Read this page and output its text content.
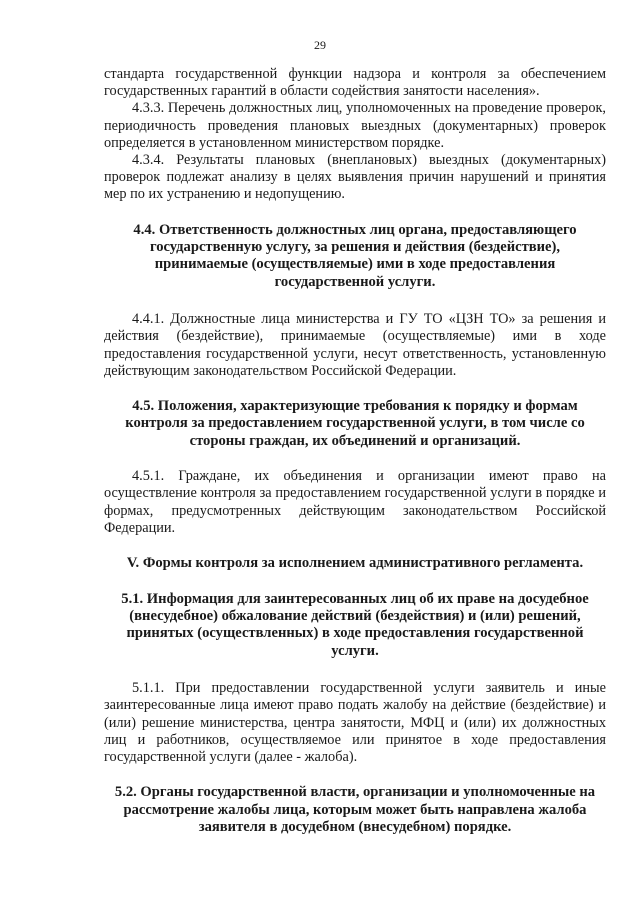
29

стандарта государственной функции надзора и контроля за обеспечением государственных гарантий в области содействия занятости населения».

4.3.3. Перечень должностных лиц, уполномоченных на проведение проверок, периодичность проведения плановых выездных (документарных) проверок определяется в установленном министерством порядке.

4.3.4. Результаты плановых (внеплановых) выездных (документарных) проверок подлежат анализу в целях выявления причин нарушений и принятия мер по их устранению и недопущению.

4.4. Ответственность должностных лиц органа, предоставляющего государственную услугу, за решения и действия (бездействие), принимаемые (осуществляемые) ими в ходе предоставления государственной услуги.

4.4.1. Должностные лица министерства и ГУ ТО «ЦЗН ТО» за решения и действия (бездействие), принимаемые (осуществляемые) ими в ходе предоставления государственной услуги, несут ответственность, установленную действующим законодательством Российской Федерации.

4.5. Положения, характеризующие требования к порядку и формам контроля за предоставлением государственной услуги, в том числе со стороны граждан, их объединений и организаций.

4.5.1. Граждане, их объединения и организации имеют право на осуществление контроля за предоставлением государственной услуги в порядке и формах, предусмотренных действующим законодательством Российской Федерации.

V. Формы контроля за исполнением административного регламента.
5.1. Информация для заинтересованных лиц об их праве на досудебное (внесудебное) обжалование действий (бездействия) и (или) решений, принятых (осуществленных) в ходе предоставления государственной услуги.

5.1.1. При предоставлении государственной услуги заявитель и иные заинтересованные лица имеют право подать жалобу на действие (бездействие) и (или) решение министерства, центра занятости, МФЦ и (или) их должностных лиц и работников, осуществляемое или принятое в ходе предоставления государственной услуги (далее - жалоба).

5.2. Органы государственной власти, организации и уполномоченные на рассмотрение жалобы лица, которым может быть направлена жалоба заявителя в досудебном (внесудебном) порядке.
